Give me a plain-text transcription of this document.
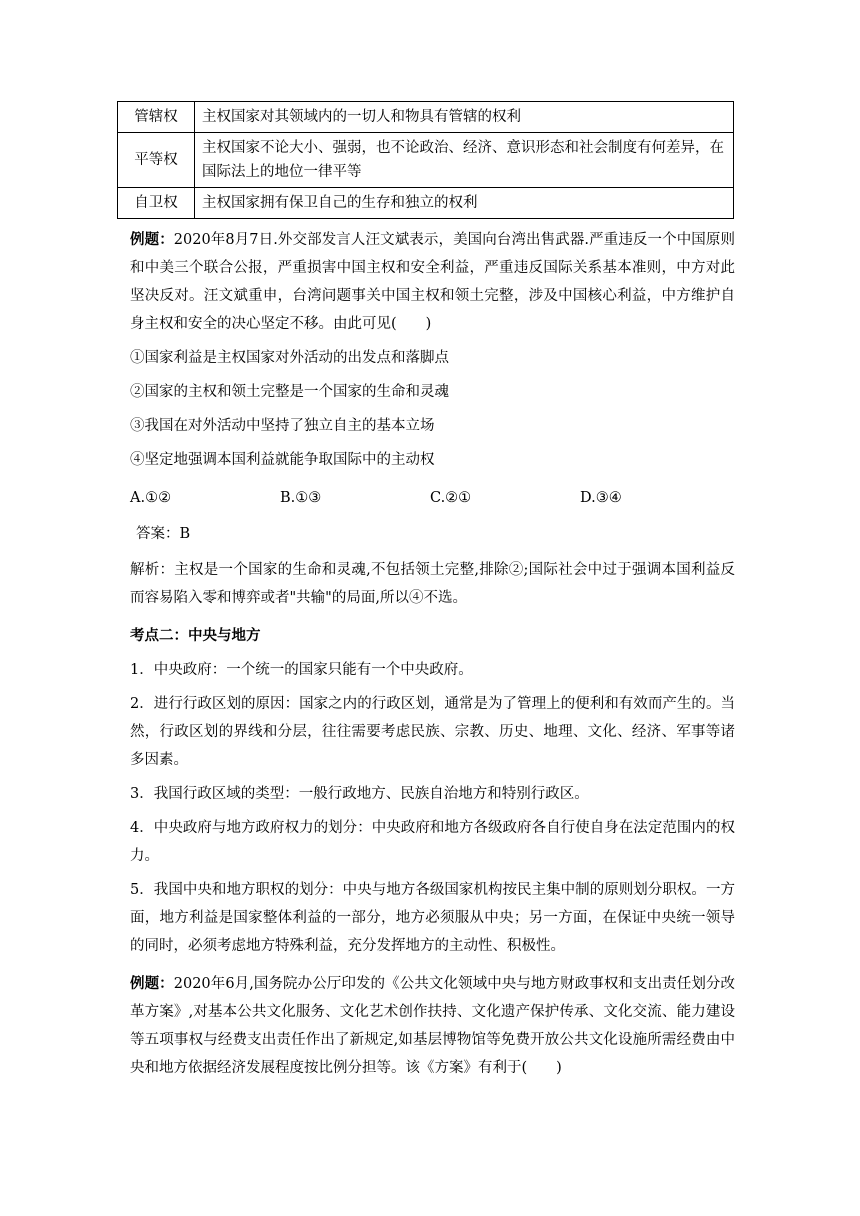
管辖权	主权国家对其领域内的一切人和物具有管辖的权利
平等权	主权国家不论大小、强弱，也不论政治、经济、意识形态和社会制度有何差异，在国际法上的地位一律平等
自卫权	主权国家拥有保卫自己的生存和独立的权利

例题：2020年8月7日.外交部发言人汪文斌表示，美国向台湾出售武器.严重违反一个中国原则和中美三个联合公报，严重损害中国主权和安全利益，严重违反国际关系基本准则，中方对此坚决反对。汪文斌重申，台湾问题事关中国主权和领土完整，涉及中国核心利益，中方维护自身主权和安全的决心坚定不移。由此可见(　　)

①国家利益是主权国家对外活动的出发点和落脚点

②国家的主权和领土完整是一个国家的生命和灵魂

③我国在对外活动中坚持了独立自主的基本立场

④坚定地强调本国利益就能争取国际中的主动权

A.①②	B.①③	C.②①	D.③④

答案：B

解析：主权是一个国家的生命和灵魂,不包括领土完整,排除②;国际社会中过于强调本国利益反而容易陷入零和博弈或者"共输"的局面,所以④不选。

考点二：中央与地方

1．中央政府：一个统一的国家只能有一个中央政府。

2．进行行政区划的原因：国家之内的行政区划，通常是为了管理上的便利和有效而产生的。当然，行政区划的界线和分层，往往需要考虑民族、宗教、历史、地理、文化、经济、军事等诸多因素。

3．我国行政区域的类型：一般行政地方、民族自治地方和特别行政区。

4．中央政府与地方政府权力的划分：中央政府和地方各级政府各自行使自身在法定范围内的权力。

5．我国中央和地方职权的划分：中央与地方各级国家机构按民主集中制的原则划分职权。一方面，地方利益是国家整体利益的一部分，地方必须服从中央；另一方面，在保证中央统一领导的同时，必须考虑地方特殊利益，充分发挥地方的主动性、积极性。

例题：2020年6月,国务院办公厅印发的《公共文化领域中央与地方财政事权和支出责任划分改革方案》,对基本公共文化服务、文化艺术创作扶持、文化遗产保护传承、文化交流、能力建设等五项事权与经费支出责任作出了新规定,如基层博物馆等免费开放公共文化设施所需经费由中央和地方依据经济发展程度按比例分担等。该《方案》有利于(　　)
